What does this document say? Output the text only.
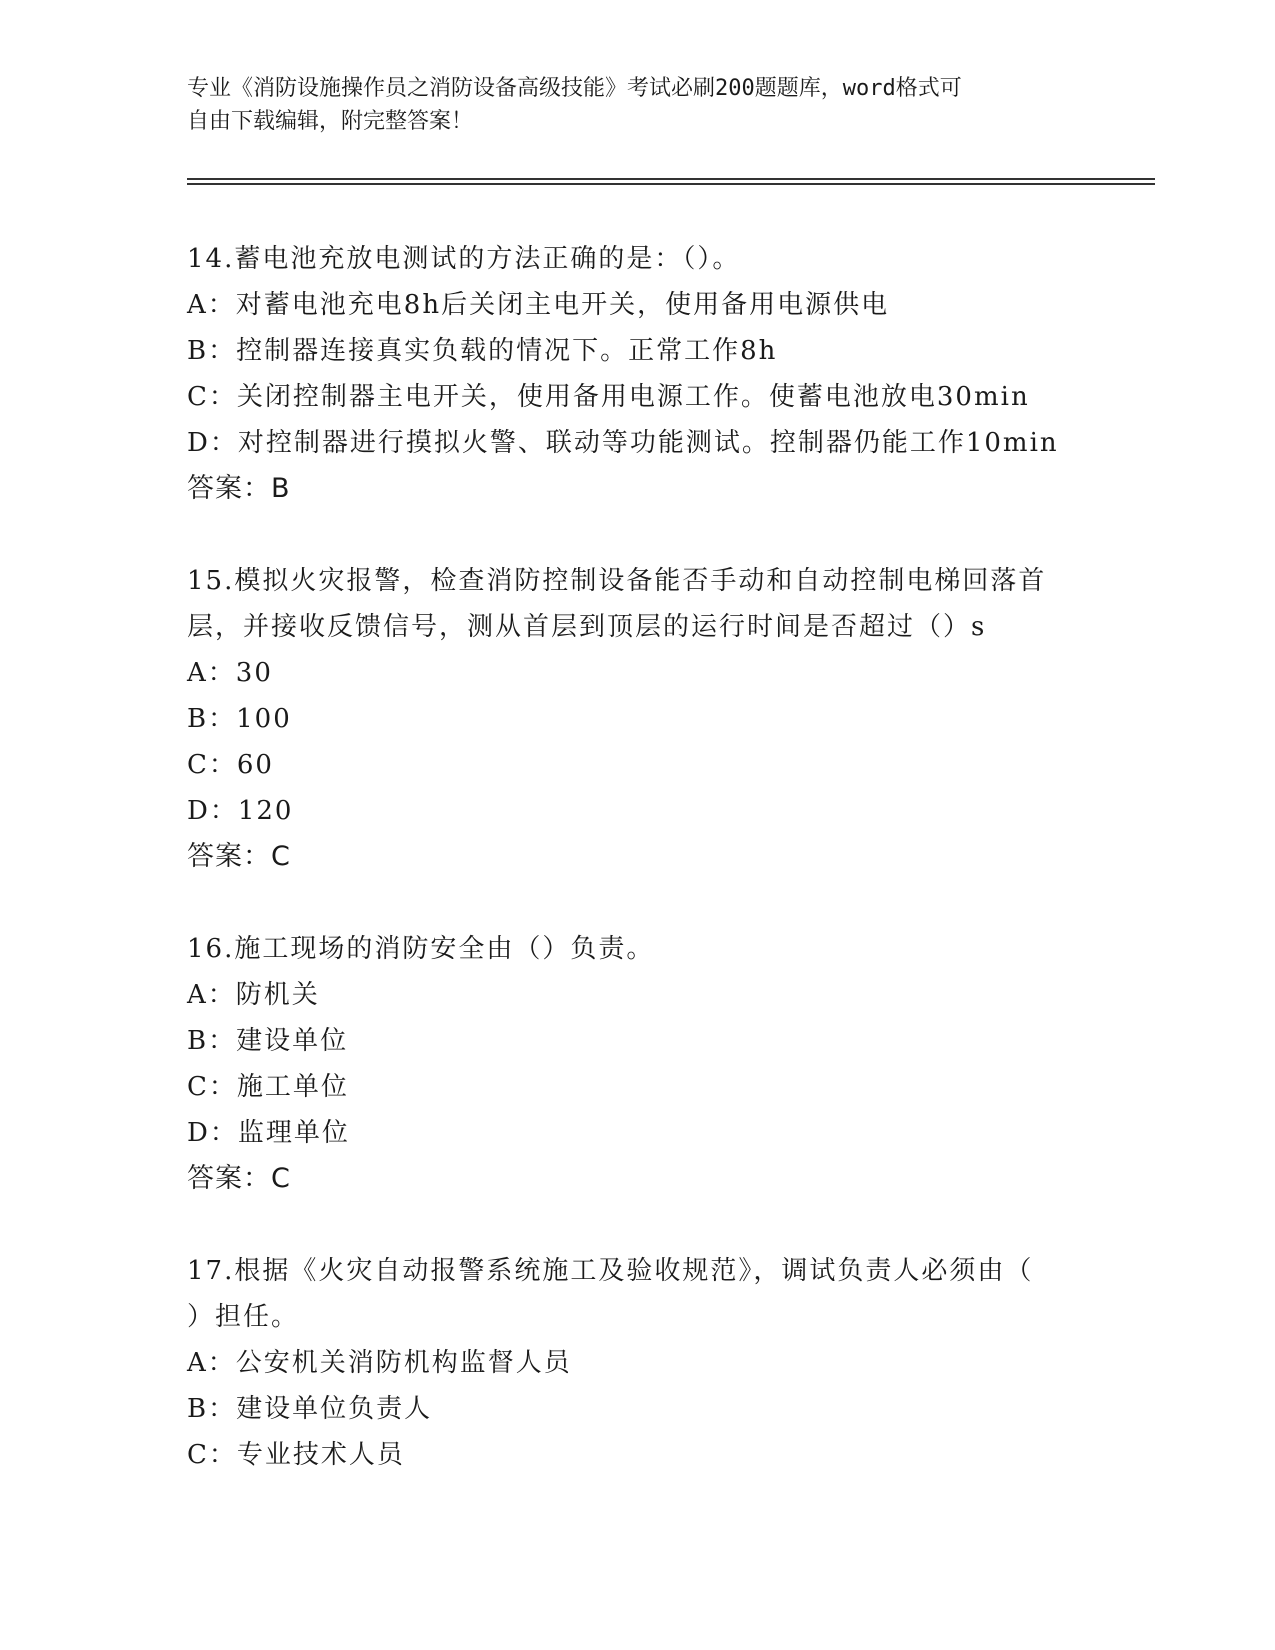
专业《消防设施操作员之消防设备高级技能》考试必刷200题题库，word格式可
自由下载编辑，附完整答案！
14.蓄电池充放电测试的方法正确的是：（）。
A：对蓄电池充电8h后关闭主电开关，使用备用电源供电
B：控制器连接真实负载的情况下。正常工作8h
C：关闭控制器主电开关，使用备用电源工作。使蓄电池放电30min
D：对控制器进行摸拟火警、联动等功能测试。控制器仍能工作10min
答案：B
15.模拟火灾报警，检查消防控制设备能否手动和自动控制电梯回落首
层，并接收反馈信号，测从首层到顶层的运行时间是否超过（）s
A：30
B：100
C：60
D：120
答案：C
16.施工现场的消防安全由（）负责。
A：防机关
B：建设单位
C：施工单位
D：监理单位
答案：C
17.根据《火灾自动报警系统施工及验收规范》，调试负责人必须由（
）担任。
A：公安机关消防机构监督人员
B：建设单位负责人
C：专业技术人员
